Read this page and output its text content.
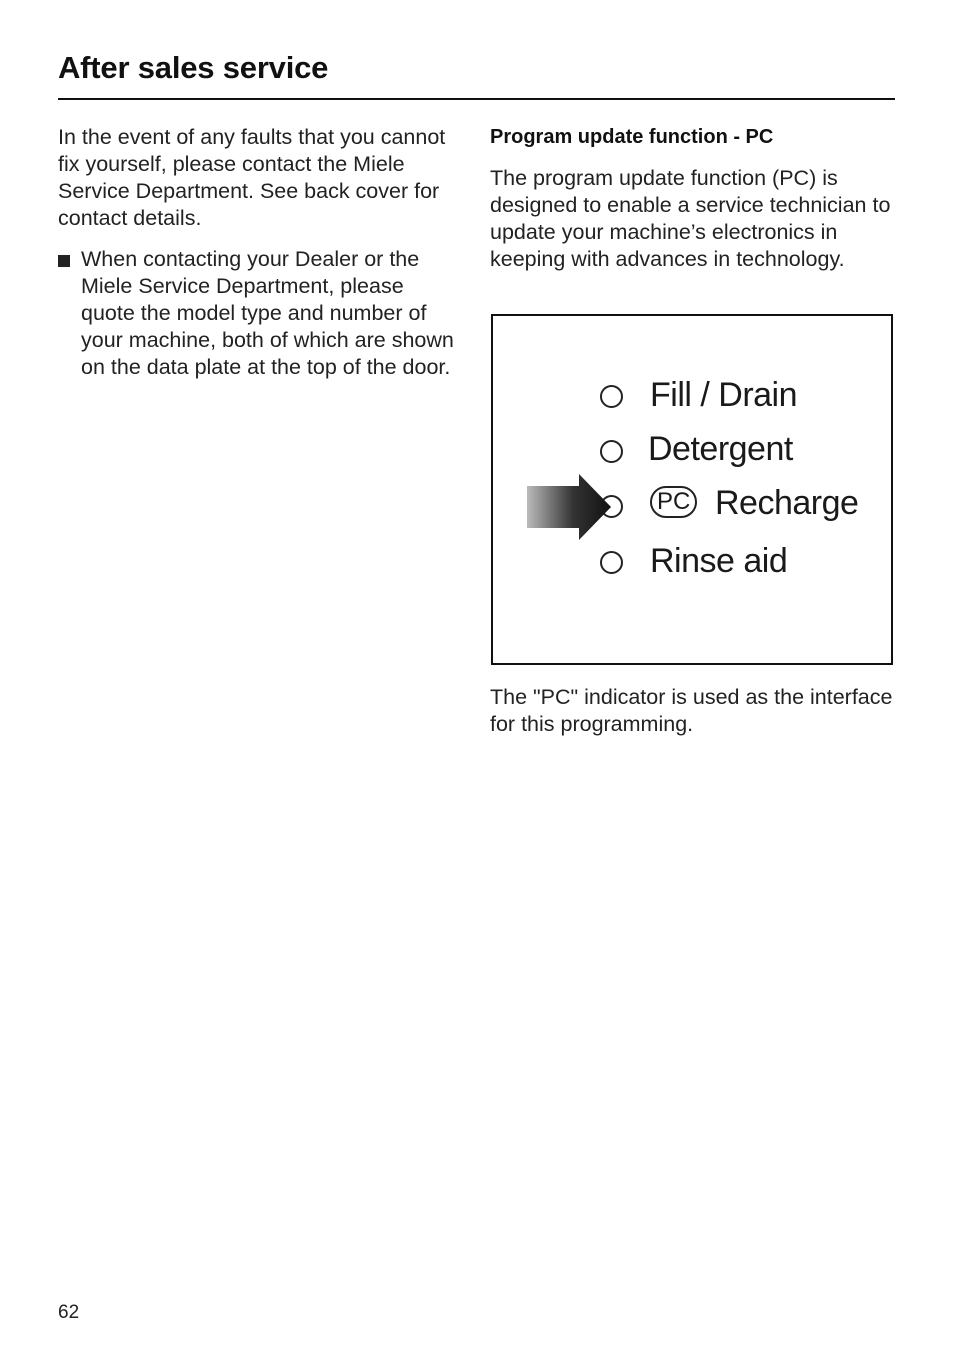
After sales service

In the event of any faults that you cannot fix yourself, please contact the Miele Service Department. See back cover for contact details.

When contacting your Dealer or the Miele Service Department, please quote the model type and number of your machine, both of which are shown on the data plate at the top of the door.

Program update function - PC

The program update function (PC) is designed to enable a service technician to update your machine’s electronics in keeping with advances in technology.

Fill / Drain
Detergent
PC Recharge
Rinse aid

The "PC" indicator is used as the interface for this programming.

62
